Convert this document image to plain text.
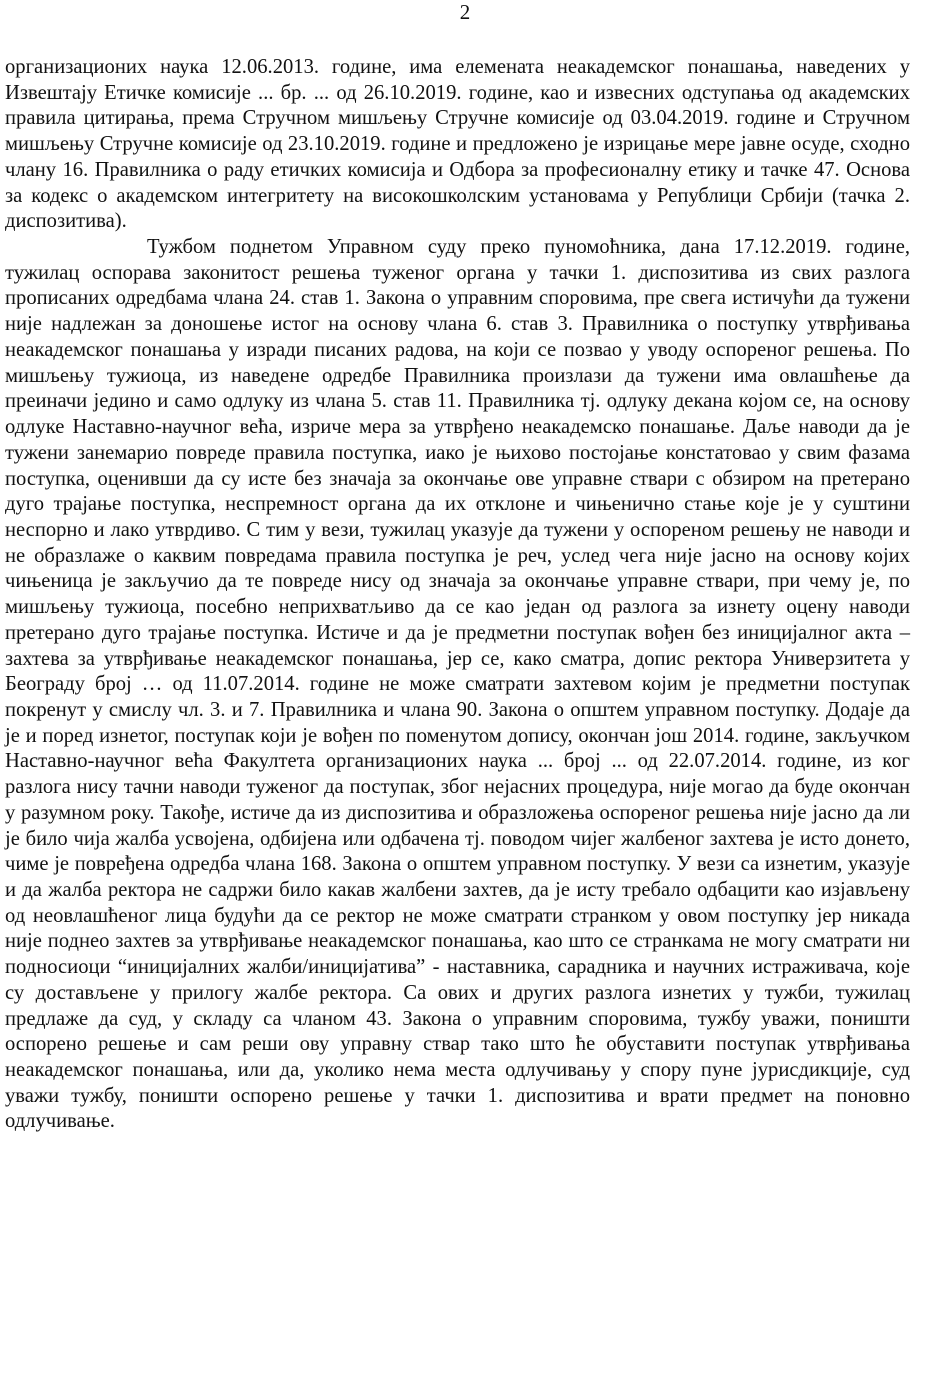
2

организационих наука 12.06.2013. године, има елемената неакадемског понашања, наведених у Извештају Етичке комисије ... бр. ... од 26.10.2019. године, као и извесних одступања од академских правила цитирања, према Стручном мишљењу Стручне комисије од 03.04.2019. године и Стручном мишљењу Стручне комисије од 23.10.2019. године и предложено је изрицање мере јавне осуде, сходно члану 16. Правилника о раду етичких комисија и Одбора за професионалну етику и тачке 47. Основа за кодекс о академском интегритету на високошколским установама у Републици Србији (тачка 2. диспозитива).

Тужбом поднетом Управном суду преко пуномоћника, дана 17.12.2019. године, тужилац оспорава законитост решења туженог органа у тачки 1. диспозитива из свих разлога прописаних одредбама члана 24. став 1. Закона о управним споровима, пре свега истичући да тужени није надлежан за доношење истог на основу члана 6. став 3. Правилника о поступку утврђивања неакадемског понашања у изради писаних радова, на који се позвао у уводу оспореног решења. По мишљењу тужиоца, из наведене одредбе Правилника произлази да тужени има овлашћење да преиначи једино и само одлуку из члана 5. став 11. Правилника тј. одлуку декана којом се, на основу одлуке Наставно-научног већа, изриче мера за утврђено неакадемско понашање. Даље наводи да је тужени занемарио повреде правила поступка, иако је њихово постојање констатовао у свим фазама поступка, оценивши да су исте без значаја за окончање ове управне ствари с обзиром на претерано дуго трајање поступка, неспремност органа да их отклоне и чињенично стање које је у суштини неспорно и лако утврдиво. С тим у вези, тужилац указује да тужени у оспореном решењу не наводи и не образлаже о каквим повредама правила поступка је реч, услед чега није јасно на основу којих чињеница је закључио да те повреде нису од значаја за окончање управне ствари, при чему је, по мишљењу тужиоца, посебно неприхватљиво да се као један од разлога за изнету оцену наводи претерано дуго трајање поступка. Истиче и да је предметни поступак вођен без иницијалног акта – захтева за утврђивање неакадемског понашања, јер се, како сматра, допис ректора Универзитета у Београду број … од 11.07.2014. године не може сматрати захтевом којим је предметни поступак покренут у смислу чл. 3. и 7. Правилника и члана 90. Закона о општем управном поступку. Додаје да је и поред изнетог, поступак који је вођен по поменутом допису, окончан још 2014. године, закључком Наставно-научног већа Факултета организационих наука ... број ... од 22.07.2014. године, из ког разлога нису тачни наводи туженог да поступак, због нејасних процедура, није могао да буде окончан у разумном року. Такође, истиче да из диспозитива и образложења оспореног решења није јасно да ли је било чија жалба усвојена, одбијена или одбачена тј. поводом чијег жалбеног захтева је исто донето, чиме је повређена одредба члана 168. Закона о општем управном поступку. У вези са изнетим, указује и да жалба ректора не садржи било какав жалбени захтев, да је исту требало одбацити као изјављену од неовлашћеног лица будући да се ректор не може сматрати странком у овом поступку јер никада није поднео захтев за утврђивање неакадемског понашања, као што се странкама не могу сматрати ни подносиоци “иницијалних жалби/иницијатива” - наставника, сарадника и научних истраживача, које су достављене у прилогу жалбе ректора. Са ових и других разлога изнетих у тужби, тужилац предлаже да суд, у складу са чланом 43. Закона о управним споровима, тужбу уважи, поништи оспорено решење и сам реши ову управну ствар тако што ће обуставити поступак утврђивања неакадемског понашања, или да, уколико нема места одлучивању у спору пуне јурисдикције, суд уважи тужбу, поништи оспорено решење у тачки 1. диспозитива и врати предмет на поновно одлучивање.
